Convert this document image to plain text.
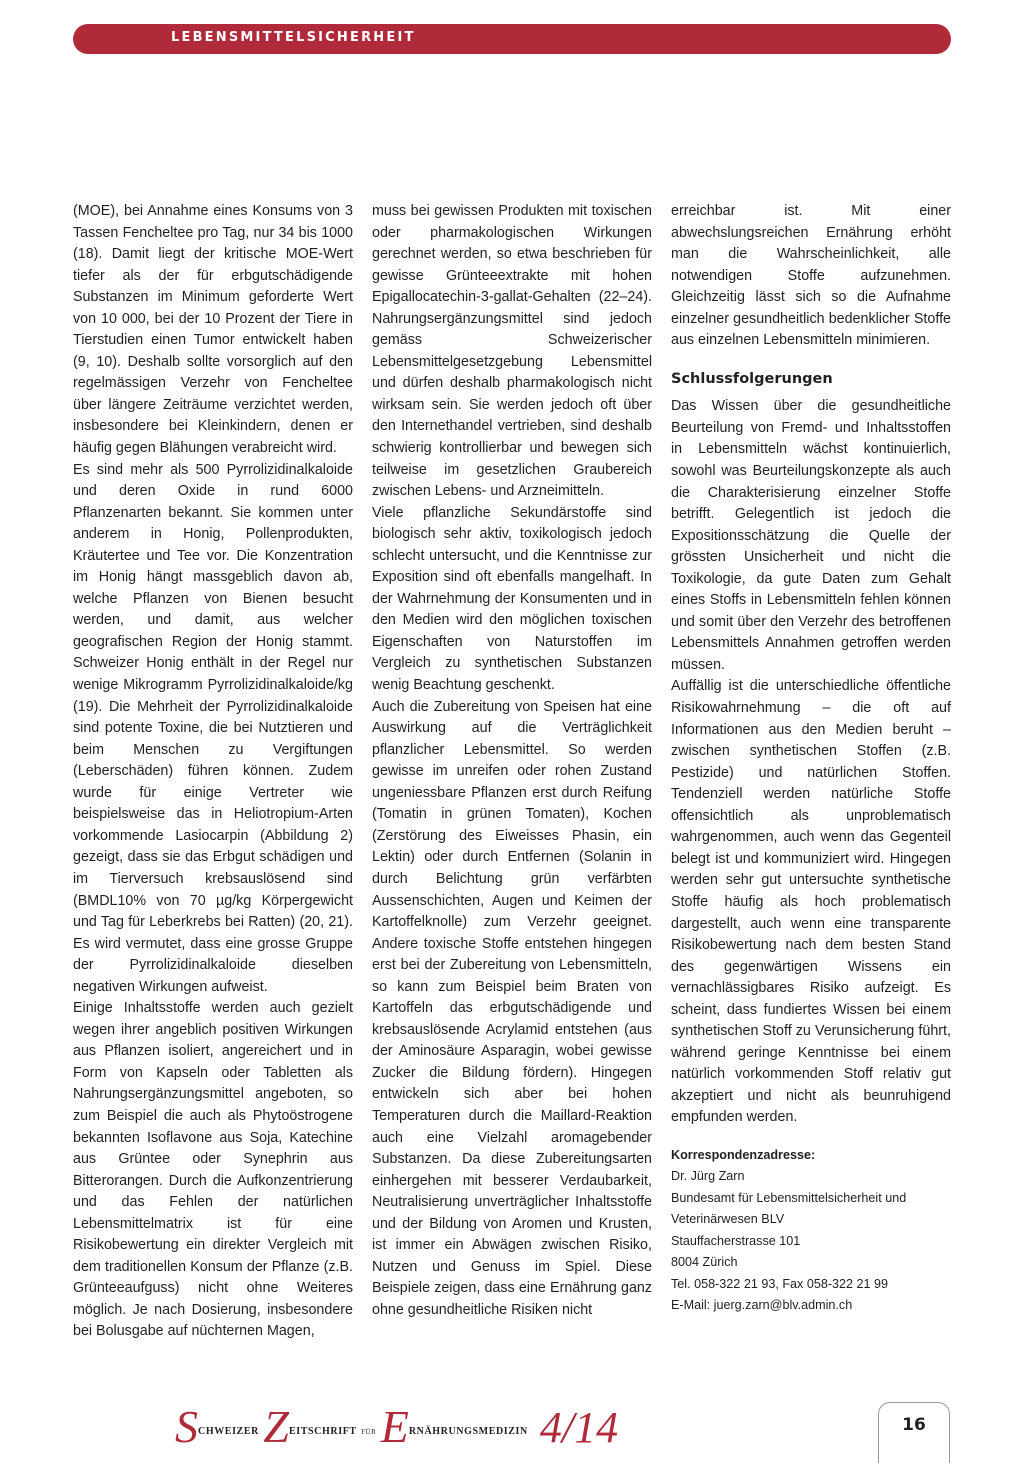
LEBENSMITTELSICHERHEIT

(MOE), bei Annahme eines Konsums von 3 Tassen Fencheltee pro Tag, nur 34 bis 1000 (18). Damit liegt der kritische MOE-Wert tiefer als der für erbgutschädigende Substanzen im Minimum geforderte Wert von 10 000, bei der 10 Prozent der Tiere in Tierstudien einen Tumor entwickelt haben (9, 10). Deshalb sollte vorsorglich auf den regelmässigen Verzehr von Fencheltee über längere Zeiträume verzichtet werden, insbesondere bei Kleinkindern, denen er häufig gegen Blähungen verabreicht wird.

Es sind mehr als 500 Pyrrolizidinalkaloide und deren Oxide in rund 6000 Pflanzenarten bekannt. Sie kommen unter anderem in Honig, Pollenprodukten, Kräutertee und Tee vor. Die Konzentration im Honig hängt massgeblich davon ab, welche Pflanzen von Bienen besucht werden, und damit, aus welcher geografischen Region der Honig stammt. Schweizer Honig enthält in der Regel nur wenige Mikrogramm Pyrrolizidinalkaloide/kg (19). Die Mehrheit der Pyrrolizidinalkaloide sind potente Toxine, die bei Nutztieren und beim Menschen zu Vergiftungen (Leberschäden) führen können. Zudem wurde für einige Vertreter wie beispielsweise das in Heliotropium-Arten vorkommende Lasiocarpin (Abbildung 2) gezeigt, dass sie das Erbgut schädigen und im Tierversuch krebsauslösend sind (BMDL10% von 70 µg/kg Körpergewicht und Tag für Leberkrebs bei Ratten) (20, 21). Es wird vermutet, dass eine grosse Gruppe der Pyrrolizidinalkaloide dieselben negativen Wirkungen aufweist.

Einige Inhaltsstoffe werden auch gezielt wegen ihrer angeblich positiven Wirkungen aus Pflanzen isoliert, angereichert und in Form von Kapseln oder Tabletten als Nahrungsergänzungsmittel angeboten, so zum Beispiel die auch als Phytoöstrogene bekannten Isoflavone aus Soja, Katechine aus Grüntee oder Synephrin aus Bitterorangen. Durch die Aufkonzentrierung und das Fehlen der natürlichen Lebensmittelmatrix ist für eine Risikobewertung ein direkter Vergleich mit dem traditionellen Konsum der Pflanze (z.B. Grünteeaufguss) nicht ohne Weiteres möglich. Je nach Dosierung, insbesondere bei Bolusgabe auf nüchternen Magen,

muss bei gewissen Produkten mit toxischen oder pharmakologischen Wirkungen gerechnet werden, so etwa beschrieben für gewisse Grünteeextrakte mit hohen Epigallocatechin-3-gallat-Gehalten (22–24). Nahrungsergänzungsmittel sind jedoch gemäss Schweizerischer Lebensmittelgesetzgebung Lebensmittel und dürfen deshalb pharmakologisch nicht wirksam sein. Sie werden jedoch oft über den Internethandel vertrieben, sind deshalb schwierig kontrollierbar und bewegen sich teilweise im gesetzlichen Graubereich zwischen Lebens- und Arzneimitteln.

Viele pflanzliche Sekundärstoffe sind biologisch sehr aktiv, toxikologisch jedoch schlecht untersucht, und die Kenntnisse zur Exposition sind oft ebenfalls mangelhaft. In der Wahrnehmung der Konsumenten und in den Medien wird den möglichen toxischen Eigenschaften von Naturstoffen im Vergleich zu synthetischen Substanzen wenig Beachtung geschenkt.

Auch die Zubereitung von Speisen hat eine Auswirkung auf die Verträglichkeit pflanzlicher Lebensmittel. So werden gewisse im unreifen oder rohen Zustand ungeniessbare Pflanzen erst durch Reifung (Tomatin in grünen Tomaten), Kochen (Zerstörung des Eiweisses Phasin, ein Lektin) oder durch Entfernen (Solanin in durch Belichtung grün verfärbten Aussenschichten, Augen und Keimen der Kartoffelknolle) zum Verzehr geeignet. Andere toxische Stoffe entstehen hingegen erst bei der Zubereitung von Lebensmitteln, so kann zum Beispiel beim Braten von Kartoffeln das erbgutschädigende und krebsauslösende Acrylamid entstehen (aus der Aminosäure Asparagin, wobei gewisse Zucker die Bildung fördern). Hingegen entwickeln sich aber bei hohen Temperaturen durch die Maillard-Reaktion auch eine Vielzahl aromagebender Substanzen. Da diese Zubereitungsarten einhergehen mit besserer Verdaubarkeit, Neutralisierung unverträglicher Inhaltsstoffe und der Bildung von Aromen und Krusten, ist immer ein Abwägen zwischen Risiko, Nutzen und Genuss im Spiel. Diese Beispiele zeigen, dass eine Ernährung ganz ohne gesundheitliche Risiken nicht

erreichbar ist. Mit einer abwechslungsreichen Ernährung erhöht man die Wahrscheinlichkeit, alle notwendigen Stoffe aufzunehmen. Gleichzeitig lässt sich so die Aufnahme einzelner gesundheitlich bedenklicher Stoffe aus einzelnen Lebensmitteln minimieren.

Schlussfolgerungen

Das Wissen über die gesundheitliche Beurteilung von Fremd- und Inhaltsstoffen in Lebensmitteln wächst kontinuierlich, sowohl was Beurteilungskonzepte als auch die Charakterisierung einzelner Stoffe betrifft. Gelegentlich ist jedoch die Expositionsschätzung die Quelle der grössten Unsicherheit und nicht die Toxikologie, da gute Daten zum Gehalt eines Stoffs in Lebensmitteln fehlen können und somit über den Verzehr des betroffenen Lebensmittels Annahmen getroffen werden müssen.

Auffällig ist die unterschiedliche öffentliche Risikowahrnehmung – die oft auf Informationen aus den Medien beruht – zwischen synthetischen Stoffen (z.B. Pestizide) und natürlichen Stoffen. Tendenziell werden natürliche Stoffe offensichtlich als unproblematisch wahrgenommen, auch wenn das Gegenteil belegt ist und kommuniziert wird. Hingegen werden sehr gut untersuchte synthetische Stoffe häufig als hoch problematisch dargestellt, auch wenn eine transparente Risikobewertung nach dem besten Stand des gegenwärtigen Wissens ein vernachlässigbares Risiko aufzeigt. Es scheint, dass fundiertes Wissen bei einem synthetischen Stoff zu Verunsicherung führt, während geringe Kenntnisse bei einem natürlich vorkommenden Stoff relativ gut akzeptiert und nicht als beunruhigend empfunden werden.

Korrespondenzadresse:
Dr. Jürg Zarn
Bundesamt für Lebensmittelsicherheit und
Veterinärwesen BLV
Stauffacherstrasse 101
8004 Zürich
Tel. 058-322 21 93, Fax 058-322 21 99
E-Mail: juerg.zarn@blv.admin.ch
$S^{CHWEIZER}$ $Z^{EITSCHRIFT}$ $^{FÜR}$ $E^{RNÄHRUNGSMEDIZIN}$ 4/14	16
